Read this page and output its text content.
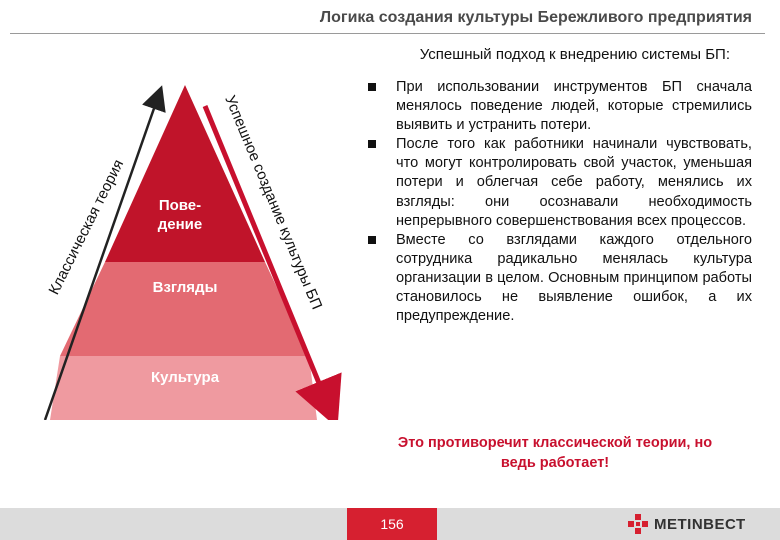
Логика создания культуры Бережливого предприятия
Успешный подход к внедрению системы БП:
Классическая теория
Успешное создание культуры БП
Пове-
дение
Взгляды
Культура
При использовании инструментов БП сначала менялось поведение людей, которые стремились выявить и устранить потери.
После того как работники начинали чувствовать, что могут контролировать свой участок, уменьшая потери и облегчая себе работу, менялись их взгляды: они осознавали необходимость непрерывного совершенствования всех процессов.
Вместе со взглядами каждого отдельного сотрудника радикально менялась культура организации в целом. Основным принципом работы становилось не выявление ошибок, а их предупреждение.
Это противоречит классической теории, но
ведь работает!
156	METINВЕСТ
